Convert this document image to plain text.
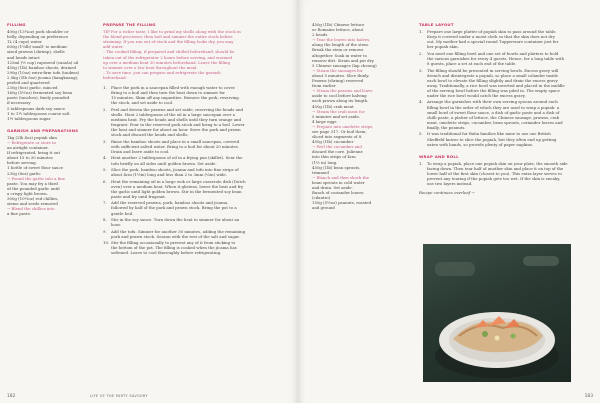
FILLING
400g (13¼oz) pork shoulder or
belly, depending on preference
1L (4 cups) water
600g (1¼lb) small- to medium-
sized prawns (shrimp), shells
and heads intact
125ml (½ cup) rapeseed (canola) oil
450g (1lb) bamboo shoots, drained
290g (10oz) extra-firm tofu (taukwa)
2.5kg (5lb 8oz) jicama (bangkuang),
peeled and quartered
230g (8oz) garlic, minced
160g (5½oz) fermented soy bean
paste (taucheo), finely pounded
if necessary
5 tablespoons dark soy sauce
1 to 1½ tablespoons coarse salt
1½ tablespoons sugar
GARNISH AND PREPARATIONS
1kg (2lb 4oz) popiah skin
→ Refrigerate or store in
an airtight container.
If refrigerated, bring it out
about 15 to 30 minutes
before serving.
1 bottle of sweet flour sauce
230g (8oz) garlic
→ Pound the garlic into a fine
paste. You may fry a third
of the pounded garlic until
a crispy light brown.
300g (10½oz) red chillies,
stems and seeds removed
→ Blend the chillies into
a fine paste.
PREPARE THE FILLING
TIP For a richer taste, I like to grind my shells along with the stock in
the blend processor, then boil and simmer the entire stock before
straining. If you run out of stock and the filling looks dry, you may
add water.
– The cooked filling, if prepared and chilled beforehand, should be
taken out of the refrigerator 2 hours before serving, and warmed
up over a medium heat 30 minutes beforehand. Leave the filling
to simmer over a low heat throughout the meal.
– To save time, you can prepare and refrigerate the garnish
beforehand.
1.	Place the pork in a saucepan filled with enough water to cover.
Bring to a boil and then turn the heat down to simmer for
15 minutes. Skim off any impurities. Remove the pork, reserving
the stock, and set aside to cool.
2.	Peel and devein the prawns and set aside, reserving the heads and
shells. Heat 2 tablespoons of the oil in a large saucepan over a
medium heat. Fry the heads and shells until they turn orange and
fragrant. Pour in the reserved pork stock and bring to a boil. Lower
the heat and simmer for about an hour. Sieve the pork and prawn
stock and discard the heads and shells.
3.	Rinse the bamboo shoots and place in a small saucepan, covered
with sufficient salted water. Bring to a boil for about 20 minutes.
Drain and leave aside to cool.
4.	Heat another 2 tablespoons of oil in a frying pan (skillet). Sear the
tofu briefly on all sides until golden brown. Set aside.
5.	Slice the pork, bamboo shoots, jicama and tofu into fine strips of
about 4cm (1½in) long and less than 2 to 3mm (⅛in) wide.
6.	Heat the remaining oil in a large wok or large casserole dish (Dutch
oven) over a medium heat. When it glistens, lower the heat and fry
the garlic until light golden brown. Stir in the fermented soy bean
paste and fry until fragrant.
7.	Add the reserved prawns, pork, bamboo shoots and jicama,
followed by half of the pork and prawn stock. Bring the pot to a
gentle boil.
8.	Stir in the soy sauce. Turn down the heat to simmer for about an
hour.
9.	Add the tofu. Simmer for another 30 minutes, adding the remaining
pork and prawn stock. Season with the rest of the salt and sugar.
10. Stir the filling occasionally to prevent any of it from sticking to
the bottom of the pot. The filling is cooked when the jicama has
softened. Leave to cool thoroughly before refrigerating.
182	LIFE OF THE PARTY SAVOURY
450g (1lb) Chinese lettuce
or Romaine lettuce, about
2 heads
→ Tear the leaves into halves,
along the length of the stem.
Break the stem or remove
altogether. Soak in water to
remove dirt. Strain and pat dry.
5 Chinese sausages (lap cheong)
→ Steam the sausages for
about 5 minutes. Slice thinly.
Prawns (shrimp) reserved
from earlier
→ Steam the prawns and leave
aside to cool before halving
each prawn along its length.
450g (1lb) crab meat
→ Steam the crab meat for
5 minutes and set aside.
4 large eggs
→ Prepare into omelette strips,
see page 317. Or boil them,
sliced into segments of 8.
450g (1lb) cucumber
→ Peel the cucumber and
discard the core. Julienne
into thin strips of 4cm
(1½ in) long.
450g (1lb) bean sprouts,
trimmed
→ Blanch and then shock the
bean sprouts in cold water
and drain. Set aside.
Bunch of coriander leaves
(cilantro)
150g (5½oz) peanuts, roasted
and ground
TABLE LAYOUT
1.	Prepare one large platter of popiah skin to pass around the table.
Keep it covered under a moist cloth so that the skin does not dry
out. My mother had a special round Tupperware container just for
her popiah skin.
2.	You need one filling bowl and one set of bowls and platters to hold
the various garnishes for every 4 guests. Hence, for a long table with
8 guests, place a set at each end of the table.
3.	The filling should be presented in serving bowls. Excess gravy will
drench and disintegrate a popiah, so place a small colander inside
each bowl to elevate the filling slightly and drain the excess gravy
away. Traditionally, a rice bowl was inverted and placed in the middle
of the serving bowl before the filling was piled in. The empty space
under the rice bowl would catch the excess gravy.
4.	Arrange the garnishes with their own serving spoons around each
filling bowl in the order of which they are used to wrap a popiah: a
small bowl of sweet flour sauce, a dish of garlic paste and a dish of
chilli paste, a platter of lettuce, the Chinese sausage, prawns, crab
meat, omelette strips, cucumber, bean sprouts, coriander leaves and
finally, the peanuts.
5.	It was traditional for Baba families like mine to use our British
Sheffield knives to slice the popiah, but they often end up getting
eaten with hands, so provide plenty of paper napkins.
WRAP AND ROLL
1.	To wrap a popiah, place one popiah skin on your plate, the smooth side
facing down. Then tear half of another skin and place it on top of the
lower half of the first skin (closest to you). This extra layer serves to
prevent any tearing if the popiah gets too wet. If the skin is sneaky,
use two layers instead.
Recipe continues overleaf →
183
